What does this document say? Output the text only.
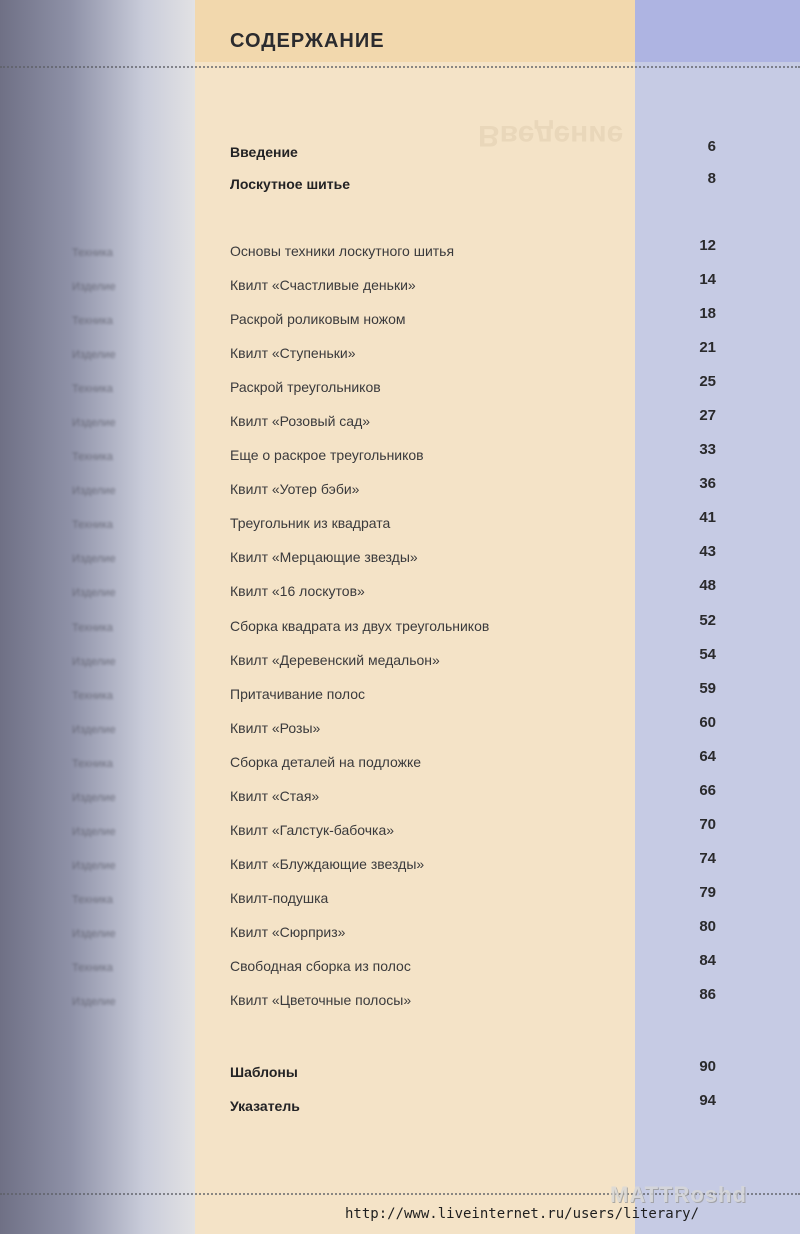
СОДЕРЖАНИЕ
Введение
Введение	6
Лоскутное шитье	8
Основы техники лоскутного шитья	12
Квилт «Счастливые деньки»	14
Раскрой роликовым ножом	18
Квилт «Ступеньки»	21
Раскрой треугольников	25
Квилт «Розовый сад»	27
Еще о раскрое треугольников	33
Квилт «Уотер бэби»	36
Треугольник из квадрата	41
Квилт «Мерцающие звезды»	43
Квилт «16 лоскутов»	48
Сборка квадрата из двух треугольников	52
Квилт «Деревенский медальон»	54
Притачивание полос	59
Квилт «Розы»	60
Сборка деталей на подложке	64
Квилт «Стая»	66
Квилт «Галстук-бабочка»	70
Квилт «Блуждающие звезды»	74
Квилт-подушка	79
Квилт «Сюрприз»	80
Свободная сборка из полос	84
Квилт «Цветочные полосы»	86
Шаблоны	90
Указатель	94
Техника
Изделие
Техника
Изделие
Техника
Изделие
Техника
Изделие
Техника
Изделие
Изделие
Техника
Изделие
Техника
Изделие
Техника
Изделие
Изделие
Изделие
Техника
Изделие
Техника
Изделие
MATTRoshd
http://www.liveinternet.ru/users/literary/
